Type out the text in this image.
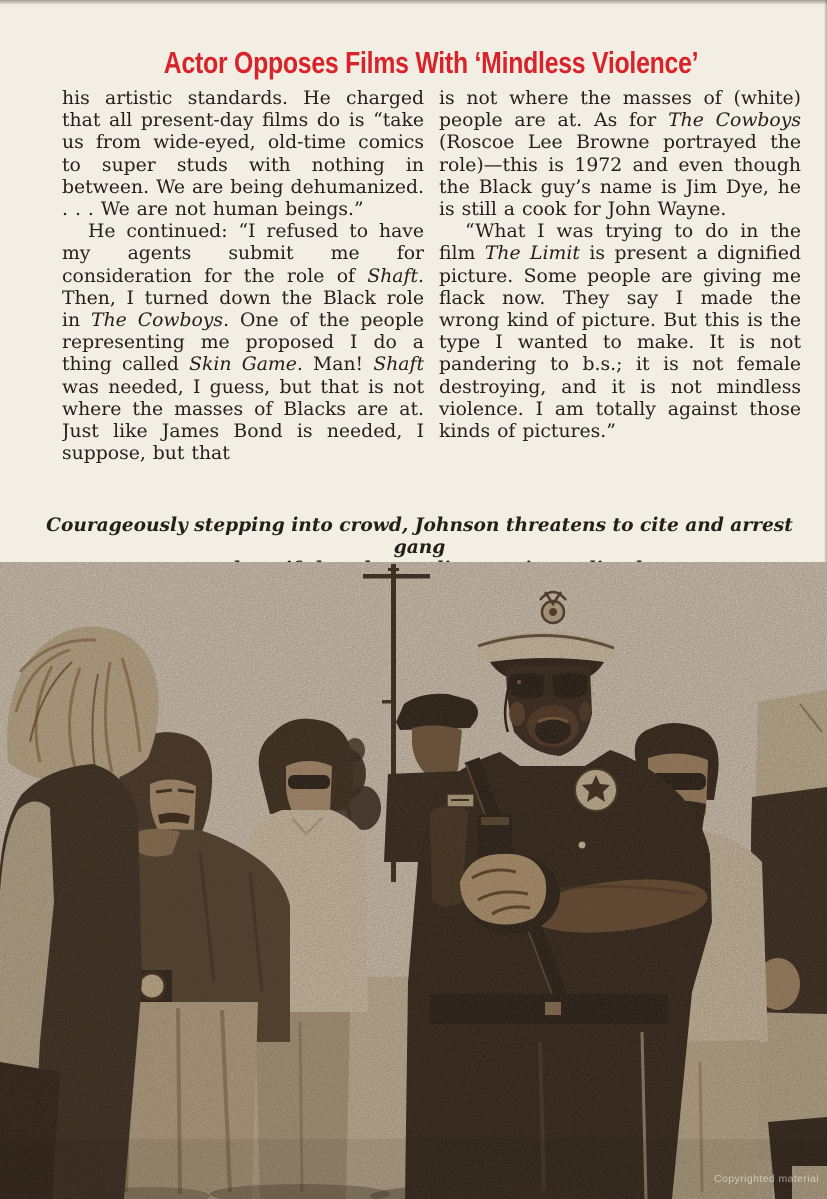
Actor Opposes Films With ‘Mindless Violence’

his artistic standards. He charged that all present-day films do is “take us from wide-eyed, old-time comics to super studs with nothing in between. We are being dehumanized. . . . We are not human beings.”

He continued: “I refused to have my agents submit me for consideration for the role of Shaft. Then, I turned down the Black role in The Cowboys. One of the people representing me proposed I do a thing called Skin Game. Man! Shaft was needed, I guess, but that is not where the masses of Blacks are at. Just like James Bond is needed, I suppose, but that

is not where the masses of (white) people are at. As for The Cowboys (Roscoe Lee Browne portrayed the role)—this is 1972 and even though the Black guy’s name is Jim Dye, he is still a cook for John Wayne.

“What I was trying to do in the film The Limit is present a dignified picture. Some people are giving me flack now. They say I made the wrong kind of picture. But this is the type I wanted to make. It is not pandering to b.s.; it is not female destroying, and it is not mindless violence. I am totally against those kinds of pictures.”

Courageously stepping into crowd, Johnson threatens to cite and arrest gang
Copyrighted material
